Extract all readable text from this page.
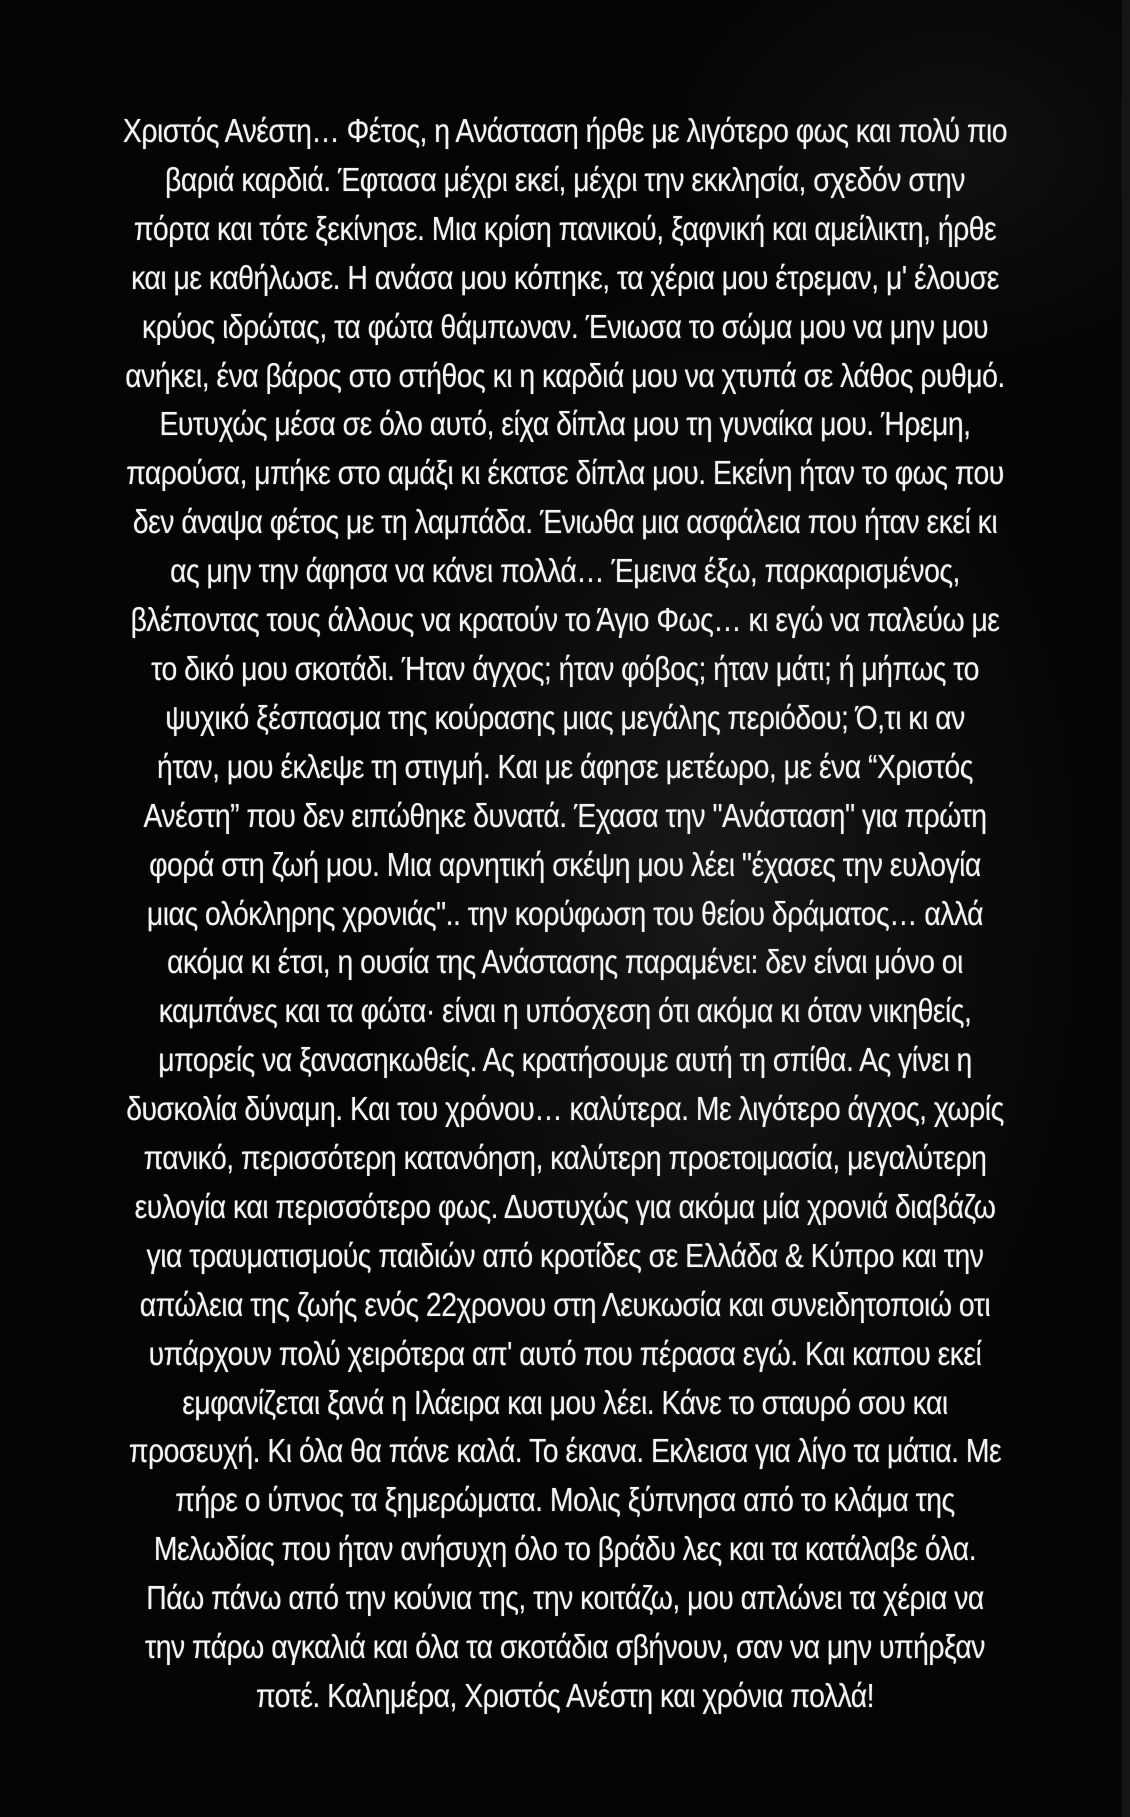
Χριστός Ανέστη… Φέτος, η Ανάσταση ήρθε με λιγότερο φως και πολύ πιο
βαριά καρδιά. Έφτασα μέχρι εκεί, μέχρι την εκκλησία, σχεδόν στην
πόρτα και τότε ξεκίνησε. Μια κρίση πανικού, ξαφνική και αμείλικτη, ήρθε
και με καθήλωσε. Η ανάσα μου κόπηκε, τα χέρια μου έτρεμαν, μ' έλουσε
κρύος ιδρώτας, τα φώτα θάμπωναν. Ένιωσα το σώμα μου να μην μου
ανήκει, ένα βάρος στο στήθος κι η καρδιά μου να χτυπά σε λάθος ρυθμό.
Ευτυχώς μέσα σε όλο αυτό, είχα δίπλα μου τη γυναίκα μου. Ήρεμη,
παρούσα, μπήκε στο αμάξι κι έκατσε δίπλα μου. Εκείνη ήταν το φως που
δεν άναψα φέτος με τη λαμπάδα. Ένιωθα μια ασφάλεια που ήταν εκεί κι
ας μην την άφησα να κάνει πολλά… Έμεινα έξω, παρκαρισμένος,
βλέποντας τους άλλους να κρατούν το Άγιο Φως… κι εγώ να παλεύω με
το δικό μου σκοτάδι. Ήταν άγχος; ήταν φόβος; ήταν μάτι; ή μήπως το
ψυχικό ξέσπασμα της κούρασης μιας μεγάλης περιόδου; Ό,τι κι αν
ήταν, μου έκλεψε τη στιγμή. Και με άφησε μετέωρο, με ένα “Χριστός
Ανέστη” που δεν ειπώθηκε δυνατά. Έχασα την "Ανάσταση" για πρώτη
φορά στη ζωή μου. Μια αρνητική σκέψη μου λέει "έχασες την ευλογία
μιας ολόκληρης χρονιάς".. την κορύφωση του θείου δράματος… αλλά
ακόμα κι έτσι, η ουσία της Ανάστασης παραμένει: δεν είναι μόνο οι
καμπάνες και τα φώτα· είναι η υπόσχεση ότι ακόμα κι όταν νικηθείς,
μπορείς να ξανασηκωθείς. Ας κρατήσουμε αυτή τη σπίθα. Ας γίνει η
δυσκολία δύναμη. Και του χρόνου… καλύτερα. Με λιγότερο άγχος, χωρίς
πανικό, περισσότερη κατανόηση, καλύτερη προετοιμασία, μεγαλύτερη
ευλογία και περισσότερο φως. Δυστυχώς για ακόμα μία χρονιά διαβάζω
για τραυματισμούς παιδιών από κροτίδες σε Ελλάδα & Κύπρο και την
απώλεια της ζωής ενός 22χρονου στη Λευκωσία και συνειδητοποιώ οτι
υπάρχουν πολύ χειρότερα απ' αυτό που πέρασα εγώ. Και καπου εκεί
εμφανίζεται ξανά η Ιλάειρα και μου λέει. Κάνε το σταυρό σου και
προσευχή. Κι όλα θα πάνε καλά. Το έκανα. Εκλεισα για λίγο τα μάτια. Με
πήρε ο ύπνος τα ξημερώματα. Μολις ξύπνησα από το κλάμα της
Μελωδίας που ήταν ανήσυχη όλο το βράδυ λες και τα κατάλαβε όλα.
Πάω πάνω από την κούνια της, την κοιτάζω, μου απλώνει τα χέρια να
την πάρω αγκαλιά και όλα τα σκοτάδια σβήνουν, σαν να μην υπήρξαν
ποτέ. Καλημέρα, Χριστός Ανέστη και χρόνια πολλά!
